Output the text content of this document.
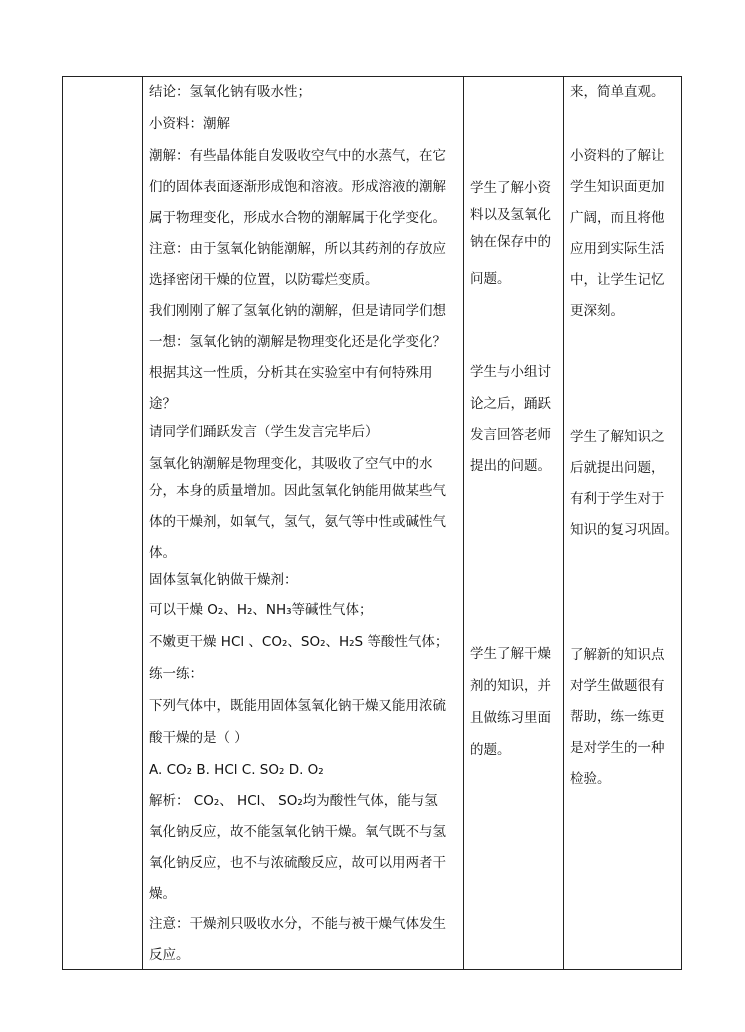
结论：氢氧化钠有吸水性；
小资料：潮解
潮解：有些晶体能自发吸收空气中的水蒸气，在它
们的固体表面逐渐形成饱和溶液。形成溶液的潮解
属于物理变化，形成水合物的潮解属于化学变化。
注意：由于氢氧化钠能潮解，所以其药剂的存放应
选择密闭干燥的位置，以防霉烂变质。
我们刚刚了解了氢氧化钠的潮解，但是请同学们想
一想：氢氧化钠的潮解是物理变化还是化学变化？
根据其这一性质，分析其在实验室中有何特殊用
途？
请同学们踊跃发言（学生发言完毕后）
氢氧化钠潮解是物理变化，其吸收了空气中的水
分，本身的质量增加。因此氢氧化钠能用做某些气
体的干燥剂，如氧气，氢气，氨气等中性或碱性气
体。
固体氢氧化钠做干燥剂：
可以干燥 O₂、H₂、NH₃等碱性气体；
不嫩更干燥 HCl 、CO₂、SO₂、H₂S 等酸性气体；
练一练：
下列气体中，既能用固体氢氧化钠干燥又能用浓硫
酸干燥的是（ ）
A. CO₂ B. HCl C. SO₂ D. O₂
解析： CO₂、 HCl、 SO₂均为酸性气体，能与氢
氧化钠反应，故不能氢氧化钠干燥。氧气既不与氢
氧化钠反应，也不与浓硫酸反应，故可以用两者干
燥。
注意：干燥剂只吸收水分，不能与被干燥气体发生
反应。
学生了解小资
料以及氢氧化
钠在保存中的
问题。
学生与小组讨
论之后，踊跃
发言回答老师
提出的问题。
学生了解干燥
剂的知识，并
且做练习里面
的题。
来，简单直观。
小资料的了解让
学生知识面更加
广阔，而且将他
应用到实际生活
中，让学生记忆
更深刻。
学生了解知识之
后就提出问题，
有利于学生对于
知识的复习巩固。
了解新的知识点
对学生做题很有
帮助，练一练更
是对学生的一种
检验。
